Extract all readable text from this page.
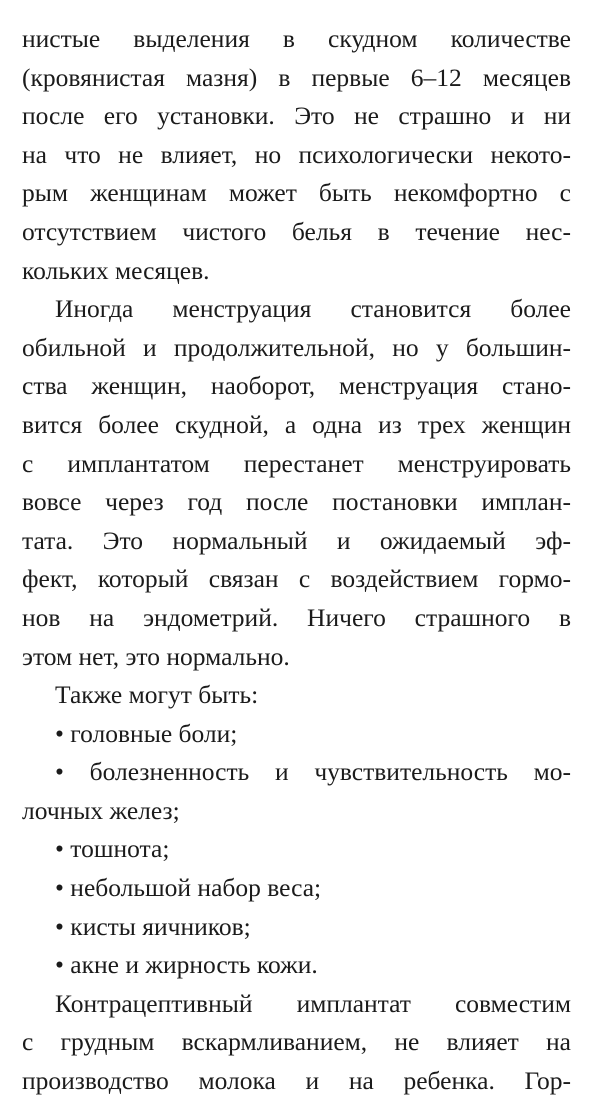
нистые выделения в скудном количестве
(кровянистая мазня) в первые 6–12 месяцев
после его установки. Это не страшно и ни
на что не влияет, но психологически некото-
рым женщинам может быть некомфортно с
отсутствием чистого белья в течение нес-
кольких месяцев.
Иногда менструация становится более
обильной и продолжительной, но у большин-
ства женщин, наоборот, менструация стано-
вится более скудной, а одна из трех женщин
с имплантатом перестанет менструировать
вовсе через год после постановки имплан-
тата. Это нормальный и ожидаемый эф-
фект, который связан с воздействием гормо-
нов на эндометрий. Ничего страшного в
этом нет, это нормально.
Также могут быть:
• головные боли;
• болезненность и чувствительность мо-
лочных желез;
• тошнота;
• небольшой набор веса;
• кисты яичников;
• акне и жирность кожи.
Контрацептивный имплантат совместим
с грудным вскармливанием, не влияет на
производство молока и на ребенка. Гор-
